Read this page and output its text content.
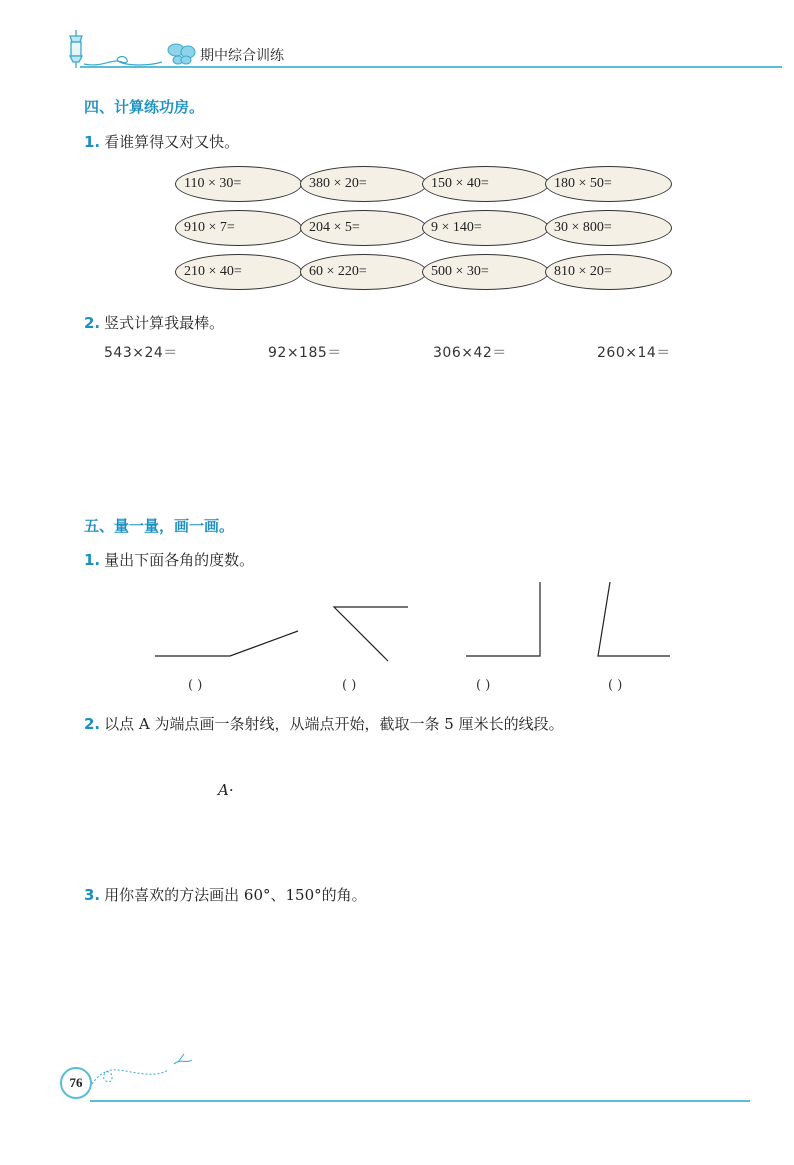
期中综合训练
四、计算练功房。
1. 看谁算得又对又快。
110 × 30=	380 × 20=	150 × 40=	180 × 50=
910 × 7=	204 × 5=	9 × 140=	30 × 800=
210 × 40=	60 × 220=	500 × 30=	810 × 20=
2. 竖式计算我最棒。
543×24＝	92×185＝	306×42＝	260×14＝
五、量一量，画一画。
1. 量出下面各角的度数。
( )	( )	( )	( )
2. 以点 A 为端点画一条射线，从端点开始，截取一条 5 厘米长的线段。
A·
3. 用你喜欢的方法画出 60°、150°的角。
76
